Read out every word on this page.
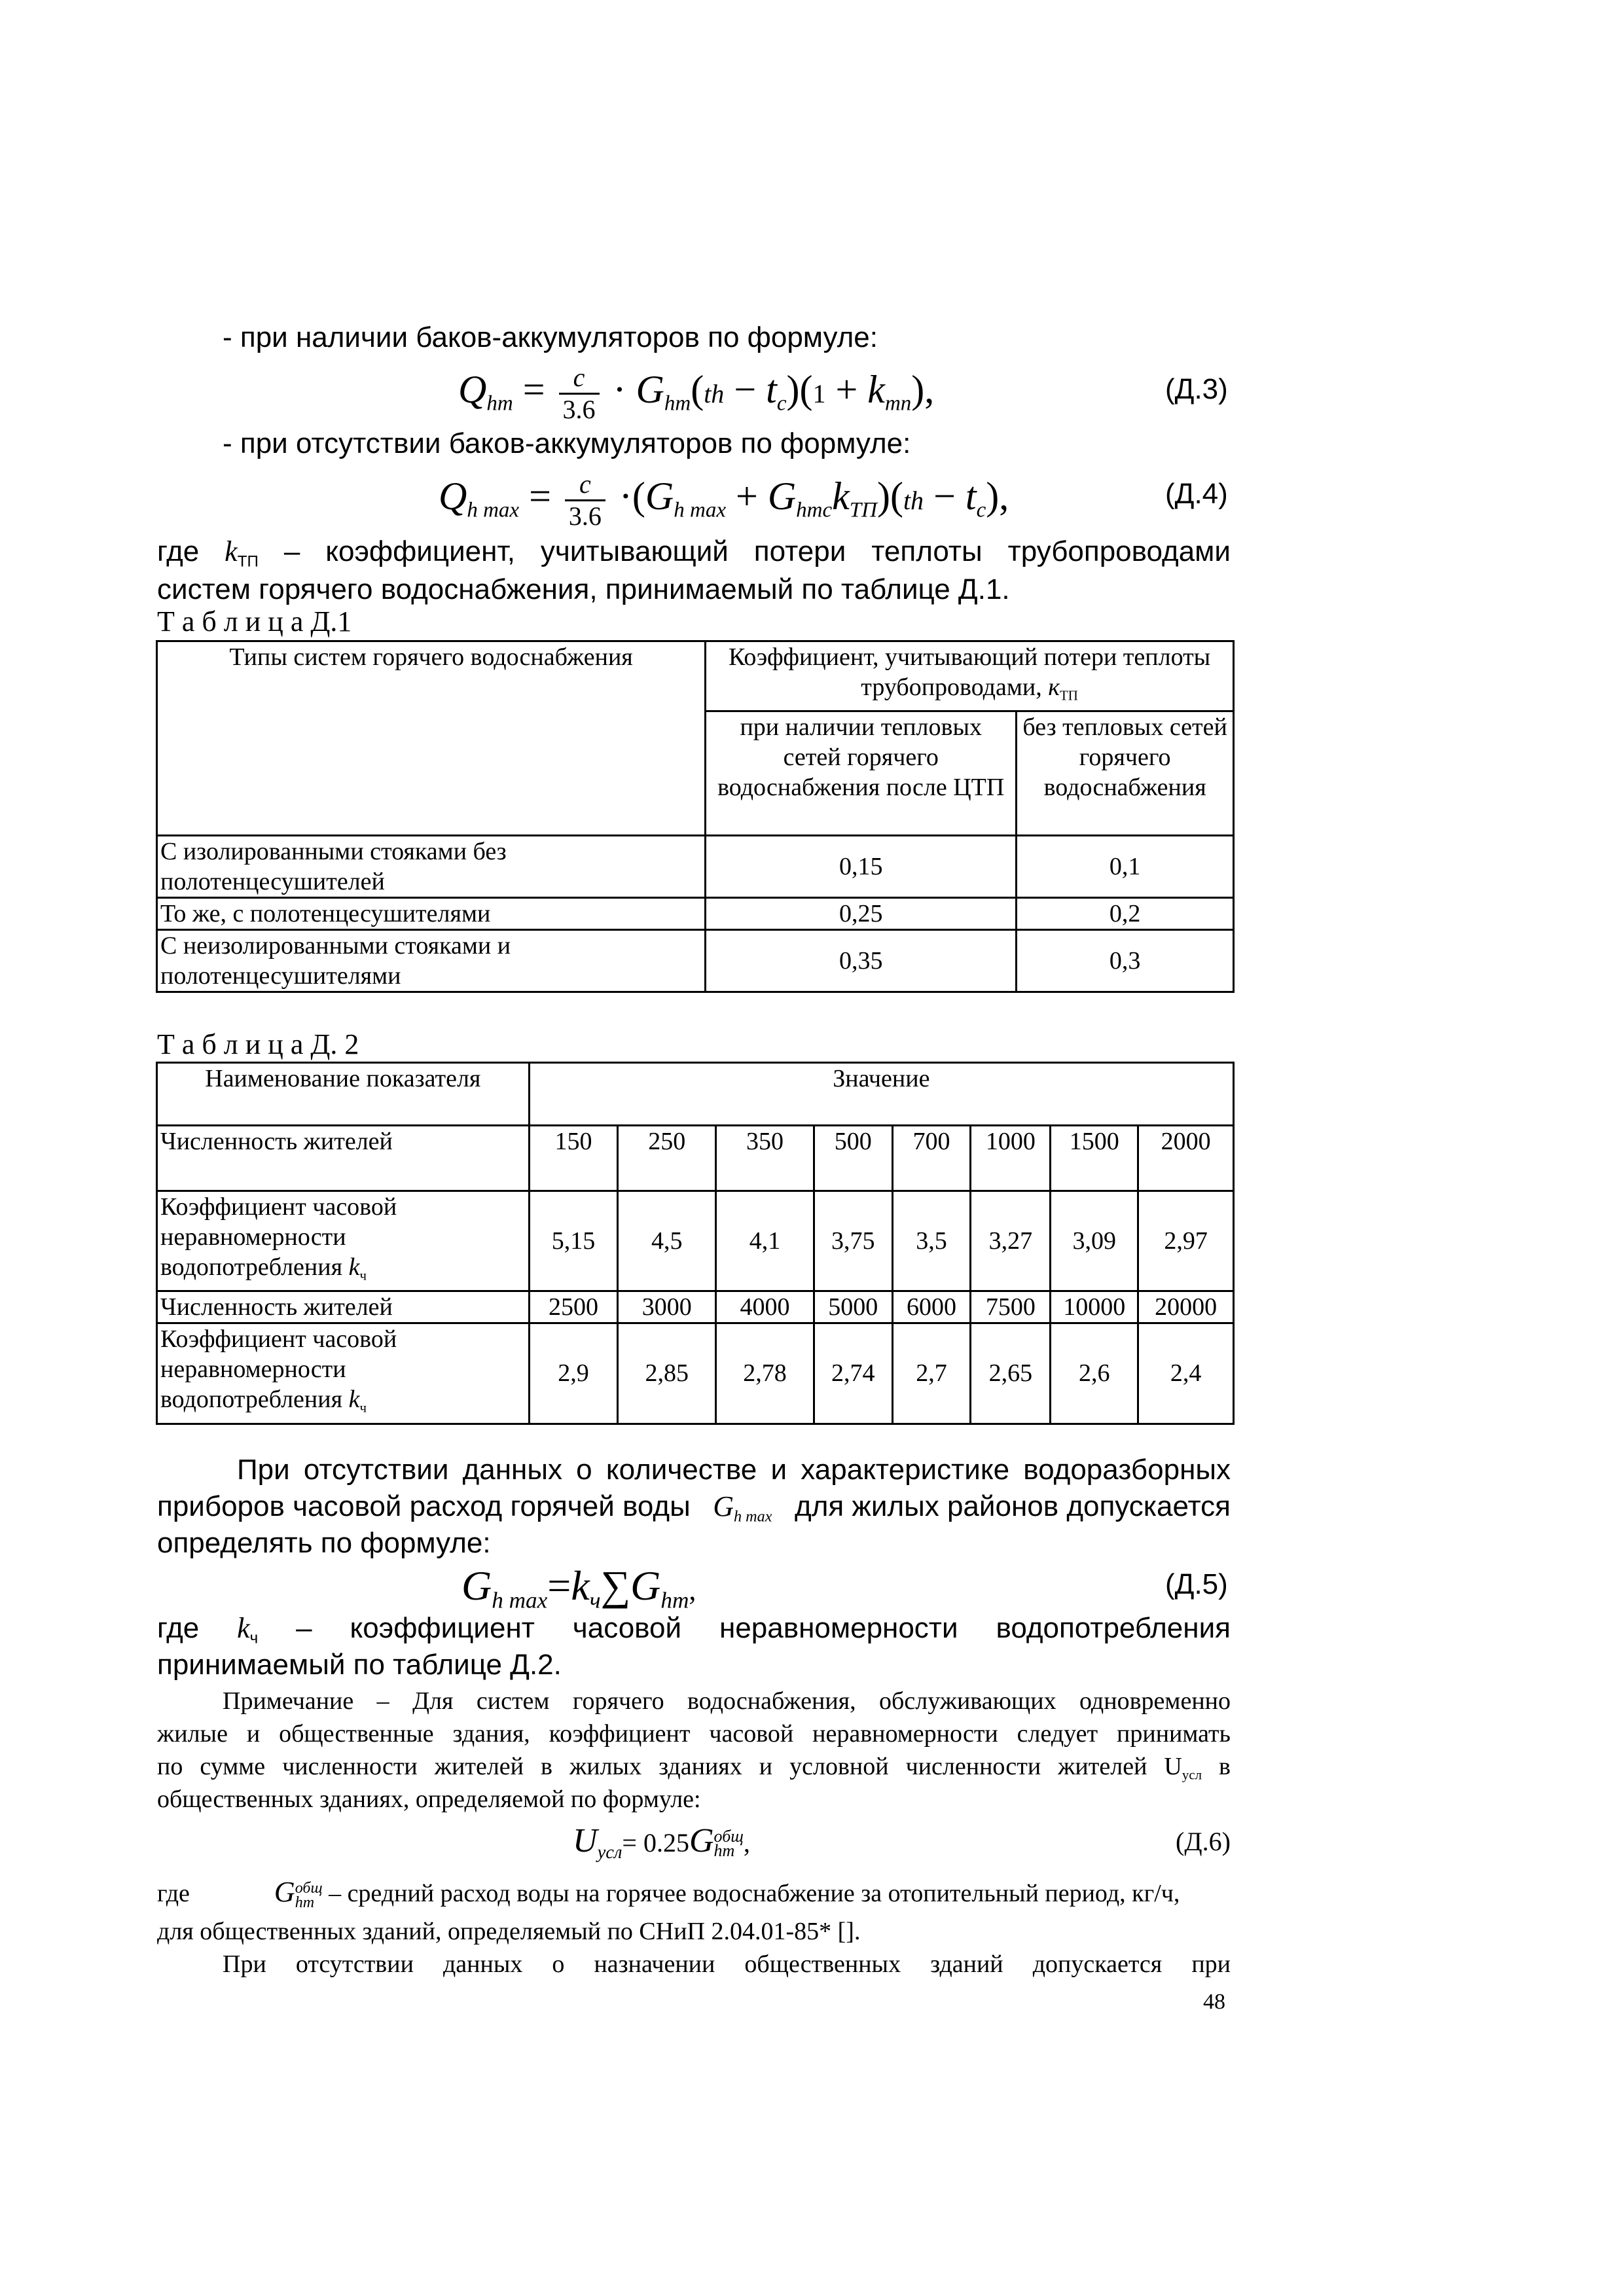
- при наличии баков-аккумуляторов по формуле:
$Q_{hm} = \frac{c}{3.6} \cdot G_{hm}(th - t_c)(1 + k_{mn})$,	(Д.3)
- при отсутствии баков-аккумуляторов по формуле:
$Q_{h max} = \frac{c}{3.6} \cdot(G_{h max} + G_{hmc}k_{ТП})(th - t_c)$,	(Д.4)
где $k_{ТП}$ – коэффициент, учитывающий потери теплоты трубопроводами
систем горячего водоснабжения, принимаемый по таблице Д.1.
Т а б л и ц а Д.1
Типы систем горячего водоснабжения	Коэффициент, учитывающий потери теплоты трубопроводами, $к_{ТП}$
	при наличии тепловых сетей горячего водоснабжения после ЦТП	без тепловых сетей горячего водоснабжения
С изолированными стояками без полотенцесушителей	0,15	0,1
То же, с полотенцесушителями	0,25	0,2
С неизолированными стояками и полотенцесушителями	0,35	0,3
Т а б л и ц а Д. 2
Наименование показателя	Значение							
Численность жителей	150	250	350	500	700	1000	1500	2000
Коэффициент часовой неравномерности водопотребления $k_ч$	5,15	4,5	4,1	3,75	3,5	3,27	3,09	2,97
Численность жителей	2500	3000	4000	5000	6000	7500	10000	20000
Коэффициент часовой неравномерности водопотребления $k_ч$	2,9	2,85	2,78	2,74	2,7	2,65	2,6	2,4
При отсутствии данных о количестве и характеристике водоразборных
приборов часовой расход горячей воды $G_{h max}$ для жилых районов допускается
определять по формуле:
$G_{h max}=k_ч\sum G_{hm}$,	(Д.5)
где $k_ч$ – коэффициент часовой неравномерности водопотребления
принимаемый по таблице Д.2.
Примечание – Для систем горячего водоснабжения, обслуживающих одновременно
жилые и общественные здания, коэффициент часовой неравномерности следует принимать
по сумме численности жителей в жилых зданиях и условной численности жителей $U_{усл}$ в
общественных зданиях, определяемой по формуле:
$U_{усл}= 0.25G$ общ
hm ,	(Д.6)
где	G общ
hm – средний расход воды на горячее водоснабжение за отопительный период, кг/ч,
для общественных зданий, определяемый по СНиП 2.04.01-85* [].
При отсутствии данных о назначении общественных зданий допускается при
48
